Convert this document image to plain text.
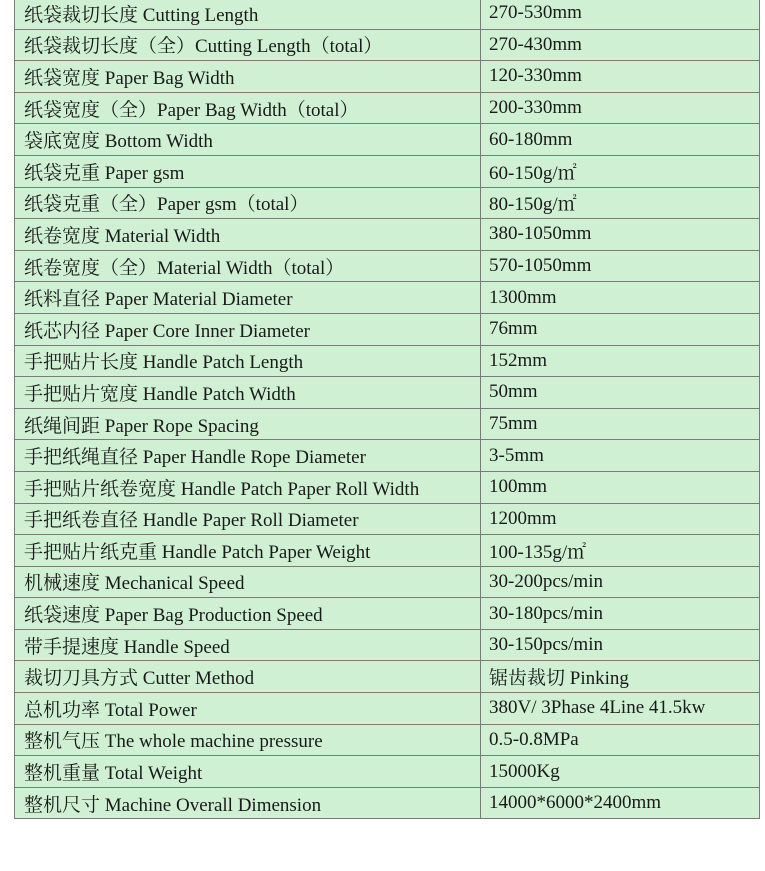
纸袋裁切长度 Cutting Length	270-530mm
纸袋裁切长度（全）Cutting Length（total）	270-430mm
纸袋宽度 Paper Bag Width	120-330mm
纸袋宽度（全）Paper Bag Width（total）	200-330mm
袋底宽度 Bottom Width	60-180mm
纸袋克重 Paper gsm	60-150g/㎡
纸袋克重（全）Paper gsm（total）	80-150g/㎡
纸卷宽度 Material Width	380-1050mm
纸卷宽度（全）Material Width（total）	570-1050mm
纸料直径 Paper Material Diameter	1300mm
纸芯内径 Paper Core Inner Diameter	76mm
手把贴片长度 Handle Patch Length	152mm
手把贴片宽度 Handle Patch Width	50mm
纸绳间距 Paper Rope Spacing	75mm
手把纸绳直径 Paper Handle Rope Diameter	3-5mm
手把贴片纸卷宽度 Handle Patch Paper Roll Width	100mm
手把纸卷直径 Handle Paper Roll Diameter	1200mm
手把贴片纸克重 Handle Patch Paper Weight	100-135g/㎡
机械速度 Mechanical Speed	30-200pcs/min
纸袋速度 Paper Bag Production Speed	30-180pcs/min
带手提速度 Handle Speed	30-150pcs/min
裁切刀具方式 Cutter Method	锯齿裁切 Pinking
总机功率 Total Power	380V/ 3Phase 4Line 41.5kw
整机气压 The whole machine pressure	0.5-0.8MPa
整机重量 Total Weight	15000Kg
整机尺寸 Machine Overall Dimension	14000*6000*2400mm
